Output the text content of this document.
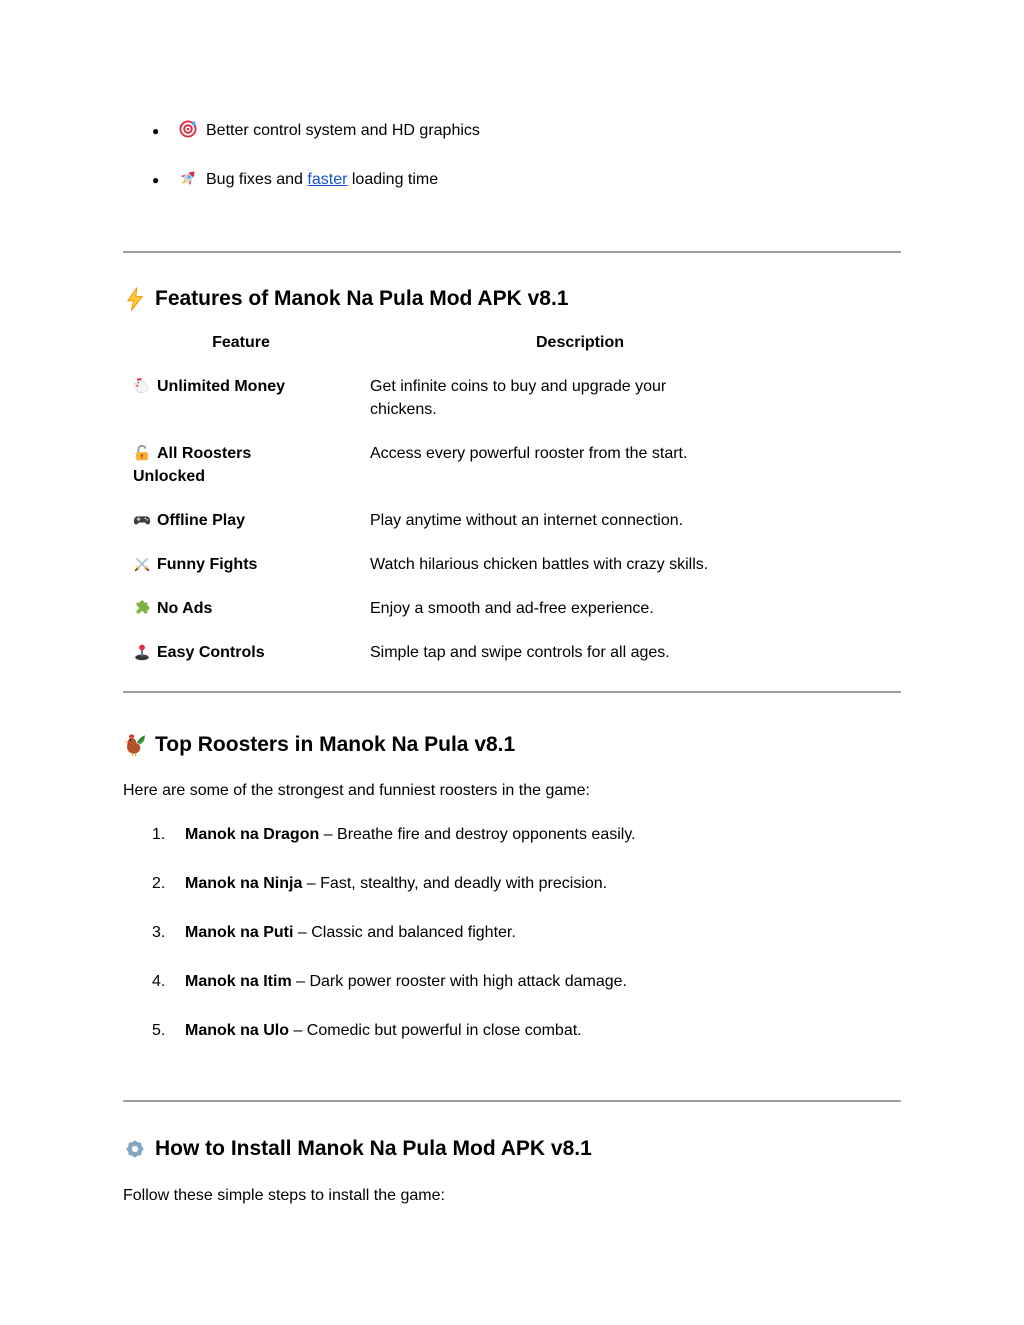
●	Better control system and HD graphics
●	Bug fixes and faster loading time
Features of Manok Na Pula Mod APK v8.1
Feature	Description
Unlimited Money	Get infinite coins to buy and upgrade your
chickens.

All Roosters
Unlocked	Access every powerful rooster from the start.

Offline Play	Play anytime without an internet connection.

Funny Fights	Watch hilarious chicken battles with crazy skills.

No Ads	Enjoy a smooth and ad-free experience.

Easy Controls	Simple tap and swipe controls for all ages.
Top Roosters in Manok Na Pula v8.1

Here are some of the strongest and funniest roosters in the game:

1. Manok na Dragon – Breathe fire and destroy opponents easily.
2. Manok na Ninja – Fast, stealthy, and deadly with precision.
3. Manok na Puti – Classic and balanced fighter.
4. Manok na Itim – Dark power rooster with high attack damage.
5. Manok na Ulo – Comedic but powerful in close combat.
How to Install Manok Na Pula Mod APK v8.1

Follow these simple steps to install the game:
